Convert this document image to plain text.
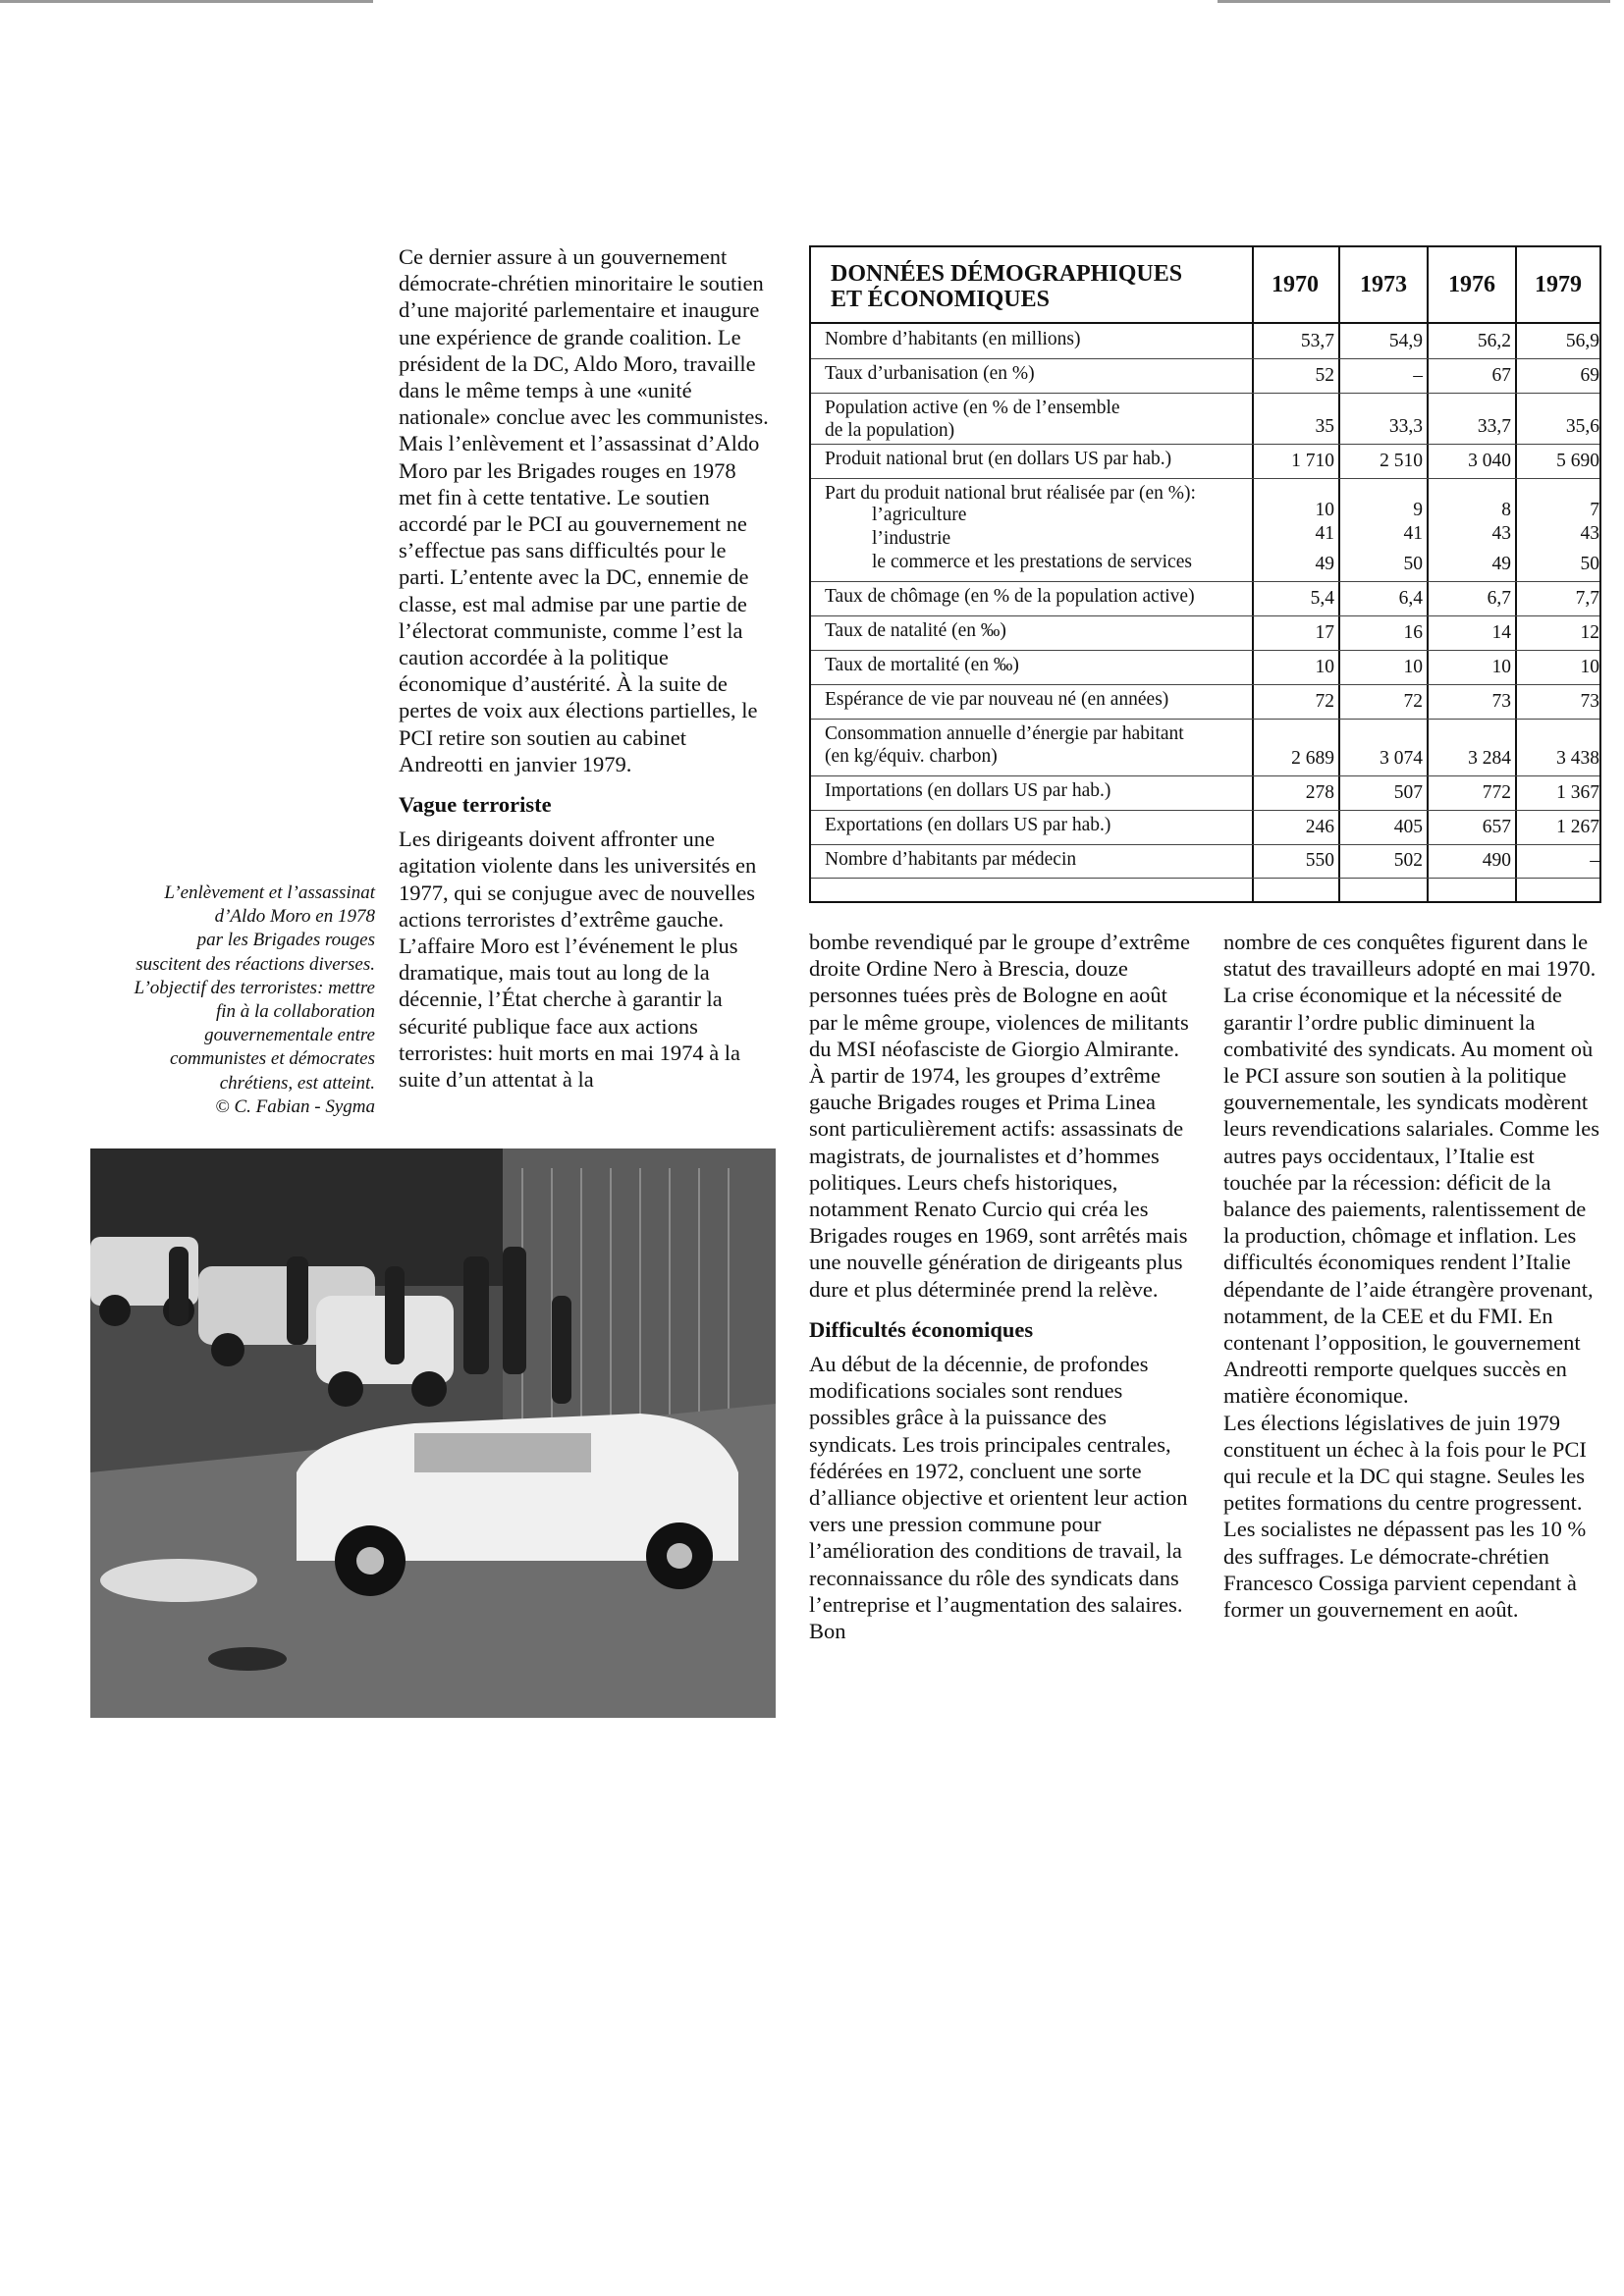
Ce dernier assure à un gouvernement démocrate-chrétien minoritaire le soutien d’une majorité parlementaire et inaugure une expérience de grande coalition. Le président de la DC, Aldo Moro, travaille dans le même temps à une «unité nationale» conclue avec les communistes. Mais l’enlèvement et l’assassinat d’Aldo Moro par les Brigades rouges en 1978 met fin à cette tentative. Le soutien accordé par le PCI au gouvernement ne s’effectue pas sans difficultés pour le parti. L’entente avec la DC, ennemie de classe, est mal admise par une partie de l’électorat communiste, comme l’est la caution accordée à la politique économique d’austérité. À la suite de pertes de voix aux élections partielles, le PCI retire son soutien au cabinet Andreotti en janvier 1979.

Vague terroriste

Les dirigeants doivent affronter une agitation violente dans les universités en 1977, qui se conjugue avec de nouvelles actions terroristes d’extrême gauche. L’affaire Moro est l’événement le plus dramatique, mais tout au long de la décennie, l’État cherche à garantir la sécurité publique face aux actions terroristes: huit morts en mai 1974 à la suite d’un attentat à la

L’enlèvement et l’assassinat
d’Aldo Moro en 1978
par les Brigades rouges
suscitent des réactions diverses.
L’objectif des terroristes: mettre
fin à la collaboration
gouvernementale entre
communistes et démocrates
chrétiens, est atteint.

© C. Fabian - Sygma

DONNÉES DÉMOGRAPHIQUES
ET ÉCONOMIQUES
1970	1973	1976	1979
Nombre d’habitants (en millions)	53,7	54,9	56,2	56,9
Taux d’urbanisation (en %)	52	–	67	69
Population active (en % de l’ensemble
de la population)	35	33,3	33,7	35,6
Produit national brut (en dollars US par hab.)	1 710	2 510	3 040	5 690
Part du produit national brut réalisée par (en %):
l’agriculture	10	9	8	7
l’industrie	41	41	43	43
le commerce et les prestations de services	49	50	49	50
Taux de chômage (en % de la population active)	5,4	6,4	6,7	7,7
Taux de natalité (en ‰)	17	16	14	12
Taux de mortalité (en ‰)	10	10	10	10
Espérance de vie par nouveau né (en années)	72	72	73	73
Consommation annuelle d’énergie par habitant
(en kg/équiv. charbon)	2 689	3 074	3 284	3 438
Importations (en dollars US par hab.)	278	507	772	1 367
Exportations (en dollars US par hab.)	246	405	657	1 267
Nombre d’habitants par médecin	550	502	490	–

bombe revendiqué par le groupe d’extrême droite Ordine Nero à Brescia, douze personnes tuées près de Bologne en août par le même groupe, violences de militants du MSI néofasciste de Giorgio Almirante. À partir de 1974, les groupes d’extrême gauche Brigades rouges et Prima Linea sont particulièrement actifs: assassinats de magistrats, de journalistes et d’hommes politiques. Leurs chefs historiques, notamment Renato Curcio qui créa les Brigades rouges en 1969, sont arrêtés mais une nouvelle génération de dirigeants plus dure et plus déterminée prend la relève.

Difficultés économiques

Au début de la décennie, de profondes modifications sociales sont rendues possibles grâce à la puissance des syndicats. Les trois principales centrales, fédérées en 1972, concluent une sorte d’alliance objective et orientent leur action vers une pression commune pour l’amélioration des conditions de travail, la reconnaissance du rôle des syndicats dans l’entreprise et l’augmentation des salaires. Bon

nombre de ces conquêtes figurent dans le statut des travailleurs adopté en mai 1970. La crise économique et la nécessité de garantir l’ordre public diminuent la combativité des syndicats. Au moment où le PCI assure son soutien à la politique gouvernementale, les syndicats modèrent leurs revendications salariales. Comme les autres pays occidentaux, l’Italie est touchée par la récession: déficit de la balance des paiements, ralentissement de la production, chômage et inflation. Les difficultés économiques rendent l’Italie dépendante de l’aide étrangère provenant, notamment, de la CEE et du FMI. En contenant l’opposition, le gouvernement Andreotti remporte quelques succès en matière économique.

Les élections législatives de juin 1979 constituent un échec à la fois pour le PCI qui recule et la DC qui stagne. Seules les petites formations du centre progressent. Les socialistes ne dépassent pas les 10 % des suffrages. Le démocrate-chrétien Francesco Cossiga parvient cependant à former un gouvernement en août.
